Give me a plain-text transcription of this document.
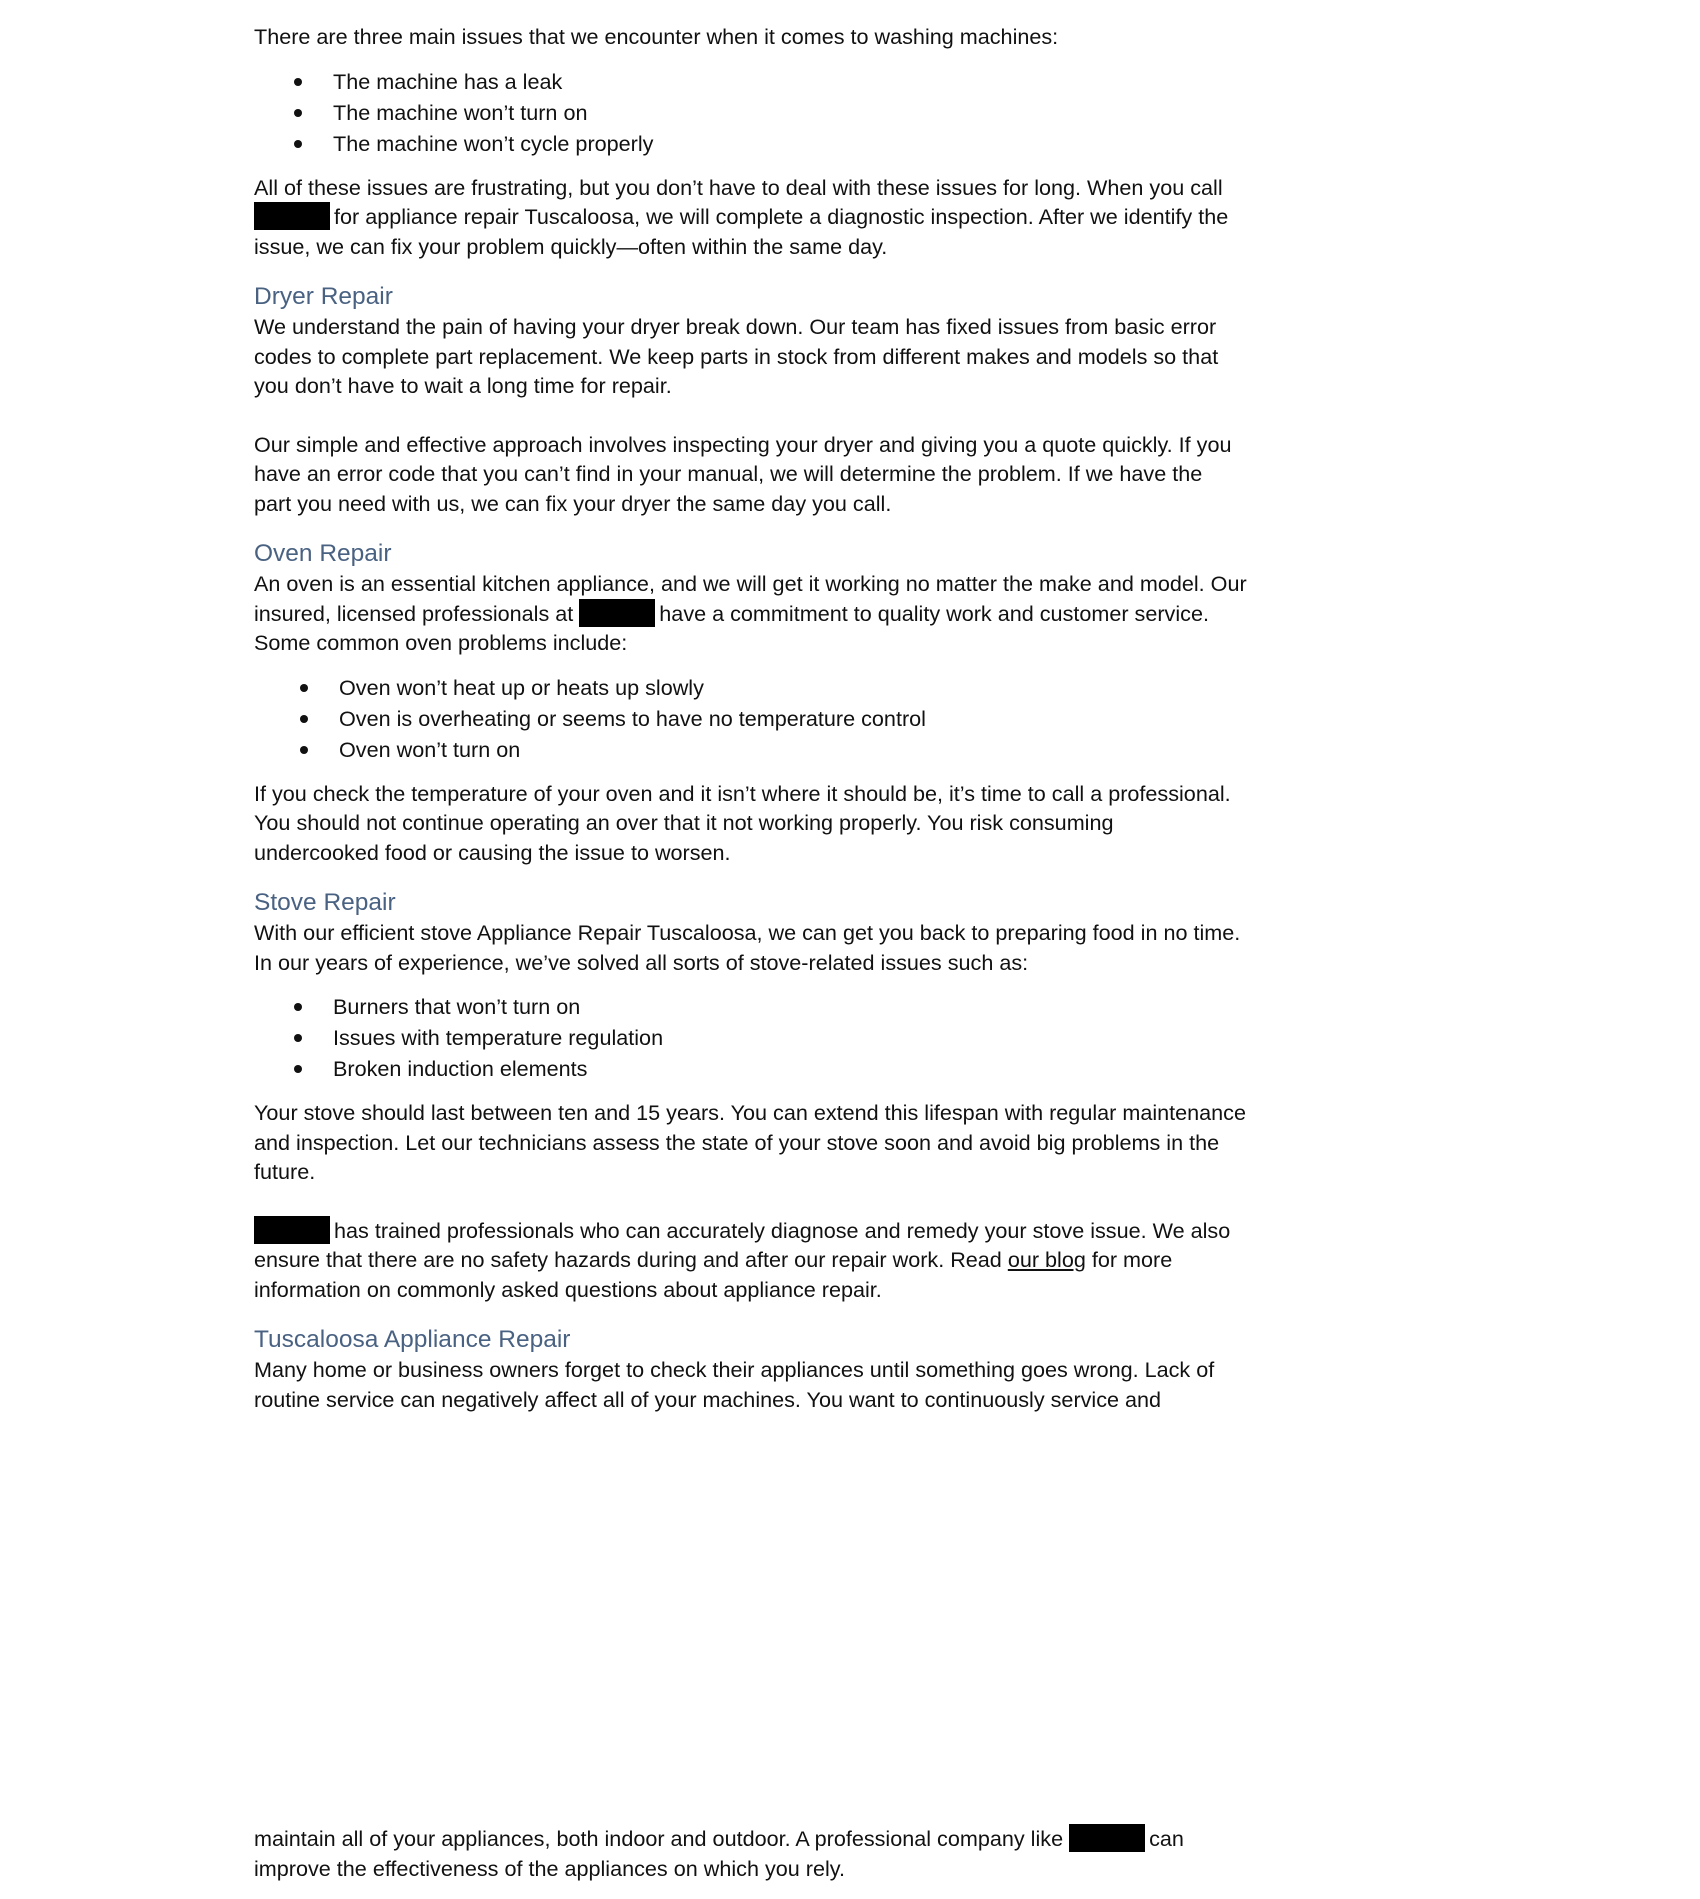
There are three main issues that we encounter when it comes to washing machines:

The machine has a leak
The machine won’t turn on
The machine won’t cycle properly

All of these issues are frustrating, but you don’t have to deal with these issues for long. When you call
for appliance repair Tuscaloosa, we will complete a diagnostic inspection. After we identify the
issue, we can fix your problem quickly—often within the same day.

Dryer Repair

We understand the pain of having your dryer break down. Our team has fixed issues from basic error
codes to complete part replacement. We keep parts in stock from different makes and models so that
you don’t have to wait a long time for repair.

Our simple and effective approach involves inspecting your dryer and giving you a quote quickly. If you
have an error code that you can’t find in your manual, we will determine the problem. If we have the
part you need with us, we can fix your dryer the same day you call.

Oven Repair

An oven is an essential kitchen appliance, and we will get it working no matter the make and model. Our
insured, licensed professionals at	have a commitment to quality work and customer service.
Some common oven problems include:

Oven won’t heat up or heats up slowly
Oven is overheating or seems to have no temperature control
Oven won’t turn on

If you check the temperature of your oven and it isn’t where it should be, it’s time to call a professional.
You should not continue operating an over that it not working properly. You risk consuming
undercooked food or causing the issue to worsen.

Stove Repair

With our efficient stove Appliance Repair Tuscaloosa, we can get you back to preparing food in no time.
In our years of experience, we’ve solved all sorts of stove-related issues such as:

Burners that won’t turn on
Issues with temperature regulation
Broken induction elements

Your stove should last between ten and 15 years. You can extend this lifespan with regular maintenance
and inspection. Let our technicians assess the state of your stove soon and avoid big problems in the
future.

has trained professionals who can accurately diagnose and remedy your stove issue. We also
ensure that there are no safety hazards during and after our repair work. Read our blog for more
information on commonly asked questions about appliance repair.

Tuscaloosa Appliance Repair

Many home or business owners forget to check their appliances until something goes wrong. Lack of
routine service can negatively affect all of your machines. You want to continuously service and

maintain all of your appliances, both indoor and outdoor. A professional company like	can
improve the effectiveness of the appliances on which you rely.
